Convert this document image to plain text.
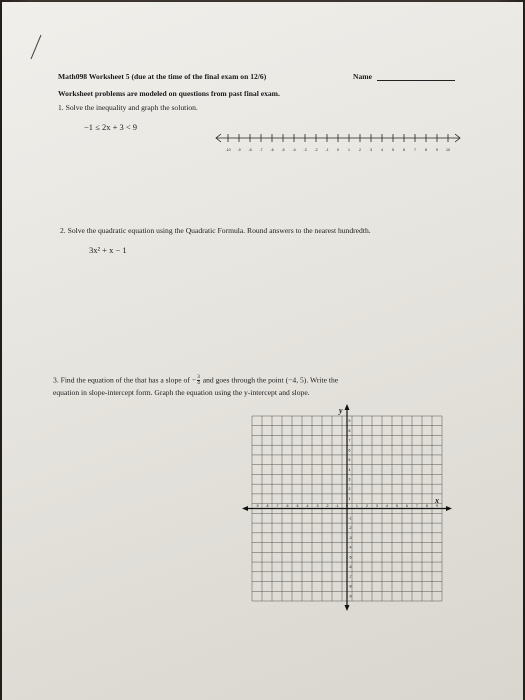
Math098 Worksheet 5 (due at the time of the final exam on 12/6)	Name
Worksheet problems are modeled on questions from past final exam.
1. Solve the inequality and graph the solution.
−1 ≤ 2x + 3 < 9
-10 -9 -8 -7 -6 -5 -4 -3 -2 -1 0	1	2	3	4	5	6	7	8	9 10
2. Solve the quadratic equation using the Quadratic Formula. Round answers to the nearest hundredth.
3x² + x − 1
3. Find the equation of the that has a slope of − $\frac{3}{4}$ and goes through the point (−4, 5). Write the
equation in slope-intercept form. Graph the equation using the y-intercept and slope.
y
x
-9 -8 -7 -6 -5 -4 -3 -2 -1 0 1 2 3 4 5 6 7 8 9
9
8
7
6
5
4
3
2
1
-1
-2
-3
-4
-5
-6
-7
-8
-9
